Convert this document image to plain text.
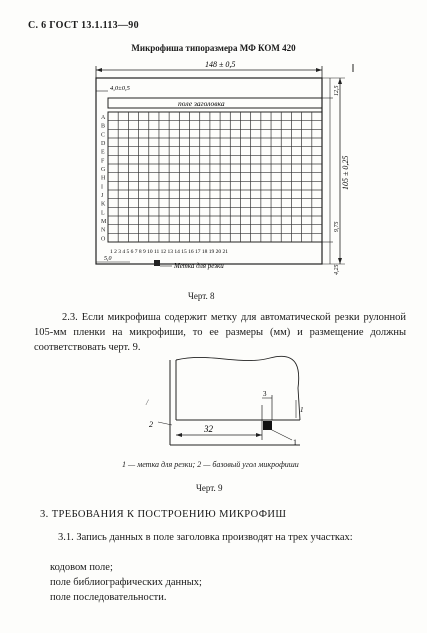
С. 6 ГОСТ 13.1.113—90
Микрофиша типоразмера МФ КОМ 420
148 ± 0,5
4,0±0,5
105 ± 0,25
12,5
9,75
4,25
поле заголовка
1 2 3 4 5 6 7 8 9 10 11 12 13 14 15 16 17 18 19 20 21
5,0
Метка для резки
A
B
C
D
E
F
G
H
I
J
K
L
M
N
O
Черт. 8
2.3. Если микрофиша содержит метку для автоматической резки рулонной 105-мм пленки на микрофиши, то ее размеры (мм) и размещение должны соответствовать черт. 9.
3
1
2
1
32
/
1 — метка для резки; 2 — базовый угол микрофиши
Черт. 9
3. ТРЕБОВАНИЯ К ПОСТРОЕНИЮ МИКРОФИШ
3.1. Запись данных в поле заголовка производят на трех участках:
кодовом поле;
поле библиографических данных;
поле последовательности.
